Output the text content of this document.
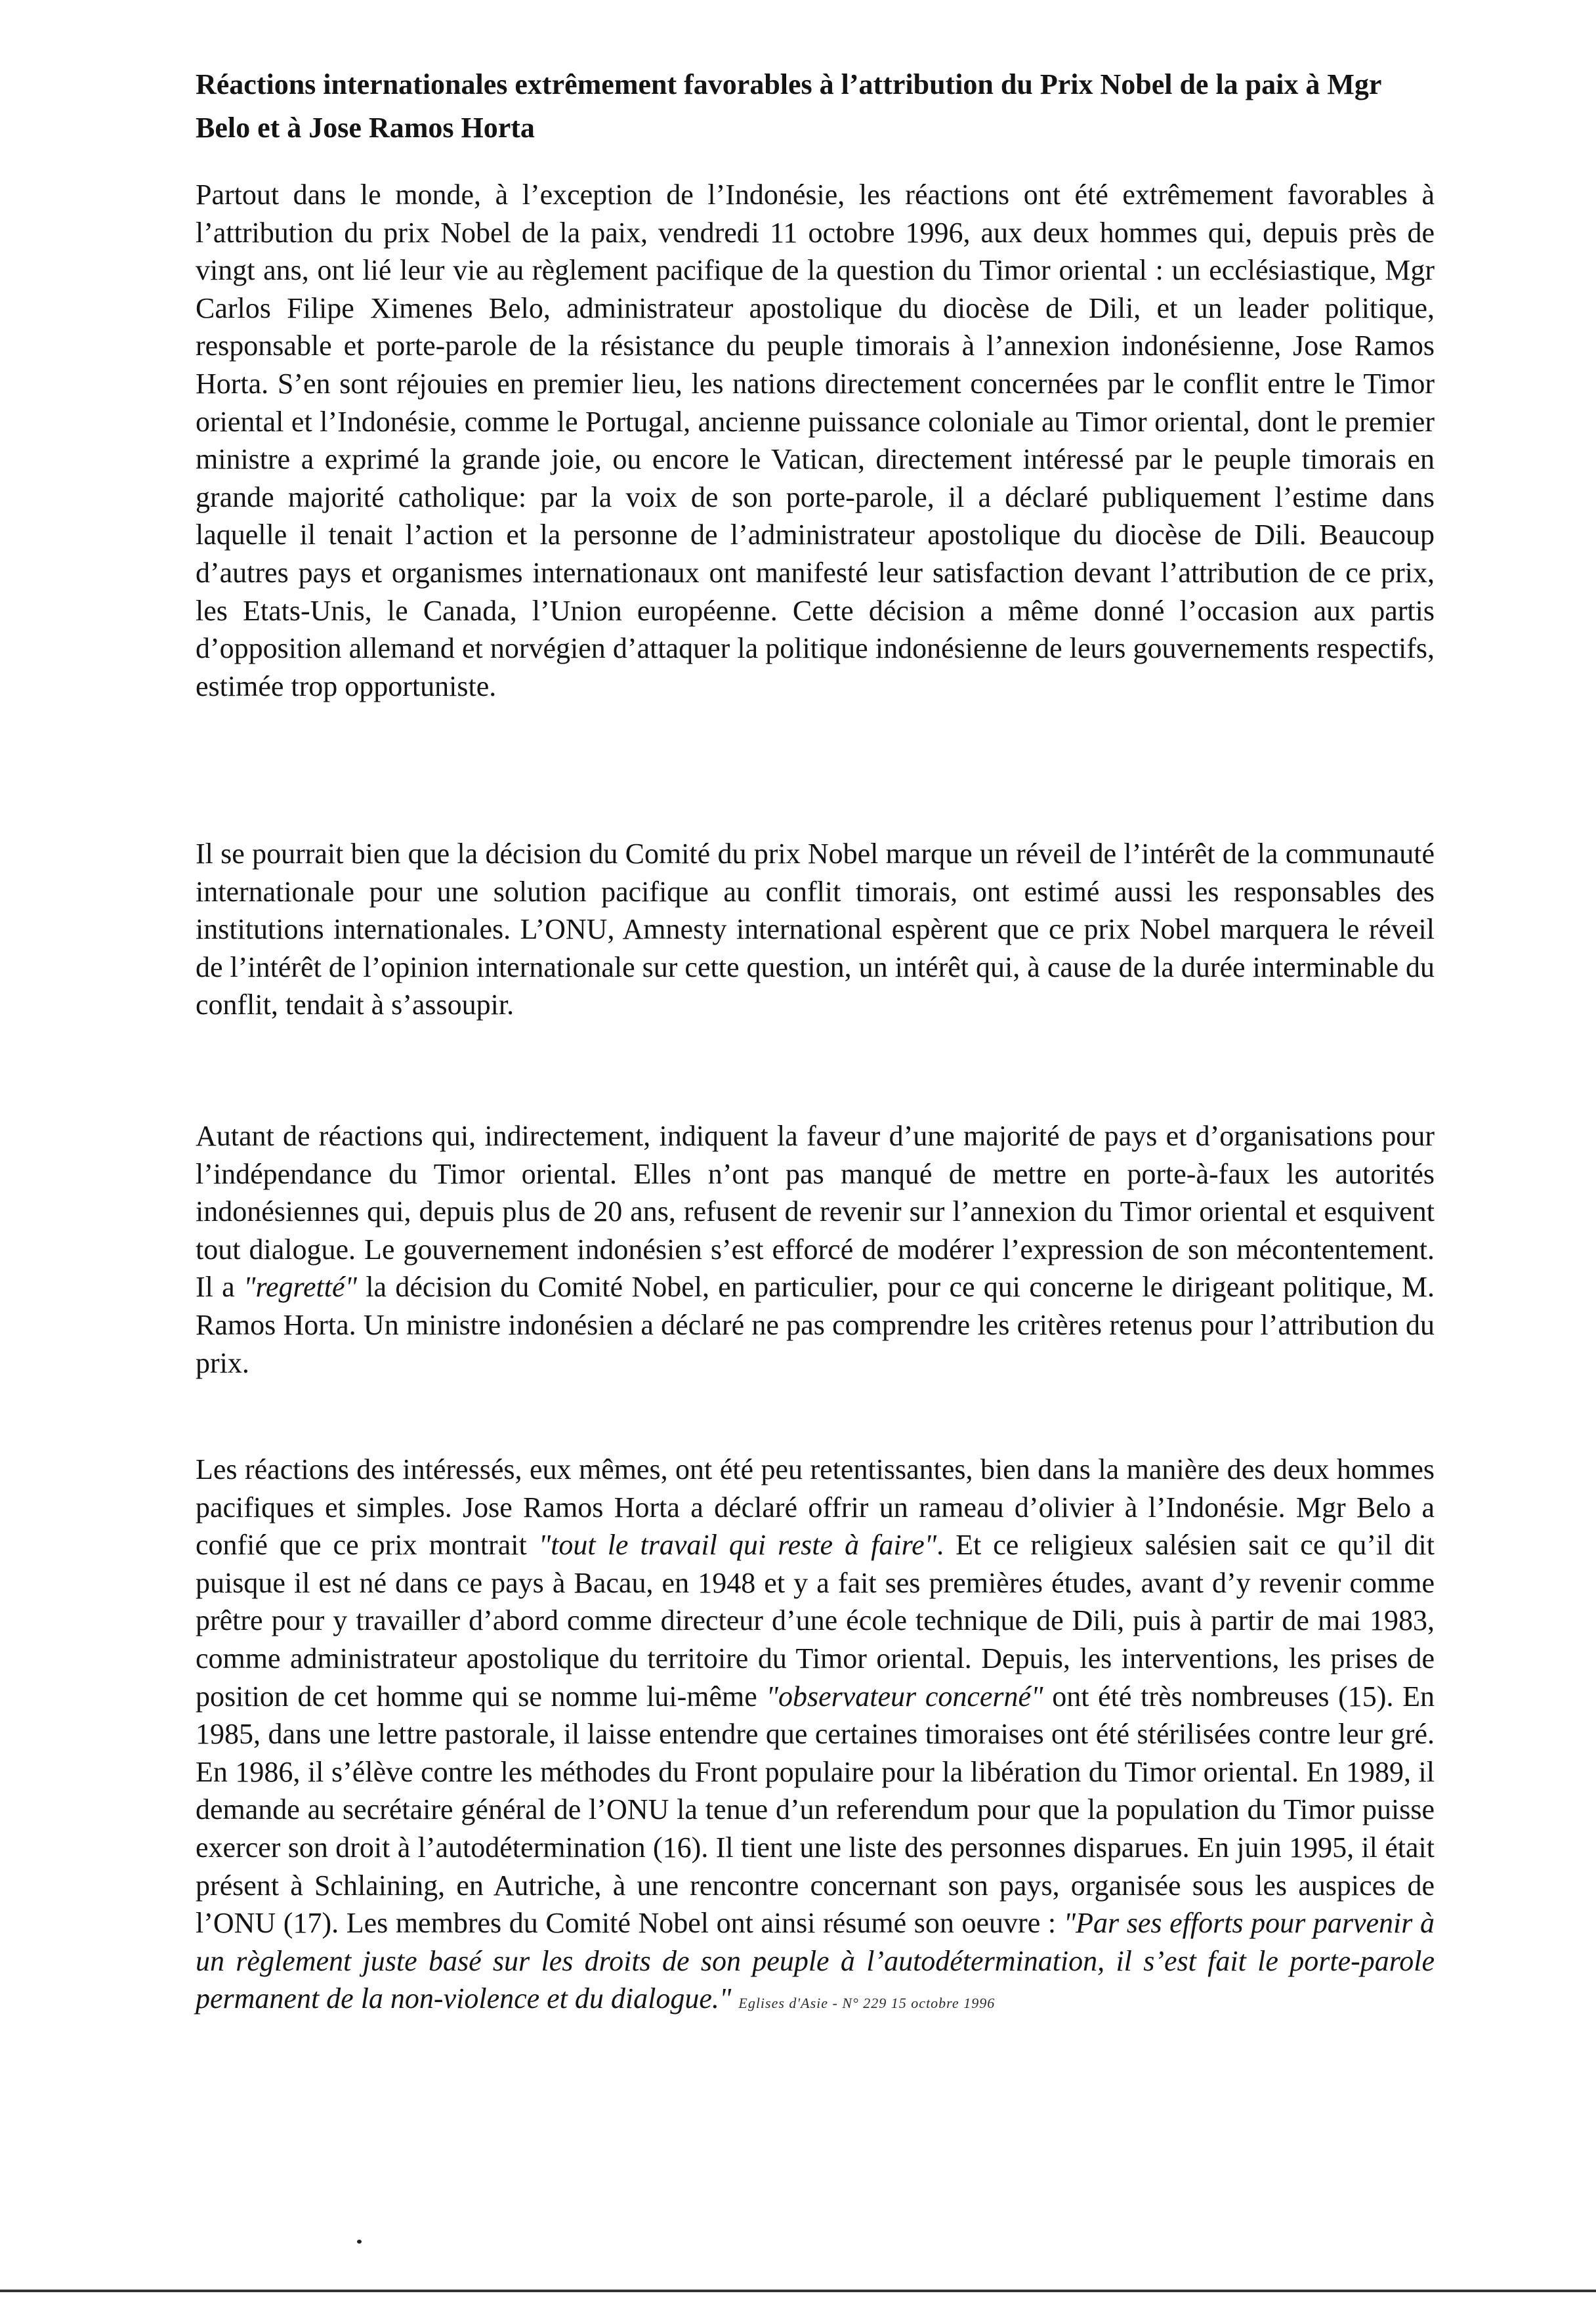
Réactions internationales extrêmement favorables à l’attribution du Prix Nobel de la paix à Mgr Belo et à Jose Ramos Horta

Partout dans le monde, à l’exception de l’Indonésie, les réactions ont été extrêmement favorables à l’attribution du prix Nobel de la paix, vendredi 11 octobre 1996, aux deux hommes qui, depuis près de vingt ans, ont lié leur vie au règlement pacifique de la question du Timor oriental : un ecclésiastique, Mgr Carlos Filipe Ximenes Belo, administrateur apostolique du diocèse de Dili, et un leader politique, responsable et porte-parole de la résistance du peuple timorais à l’annexion indonésienne, Jose Ramos Horta. S’en sont réjouies en premier lieu, les nations directement concernées par le conflit entre le Timor oriental et l’Indonésie, comme le Portugal, ancienne puissance coloniale au Timor oriental, dont le premier ministre a exprimé la grande joie, ou encore le Vatican, directement intéressé par le peuple timorais en grande majorité catholique: par la voix de son porte-parole, il a déclaré publiquement l’estime dans laquelle il tenait l’action et la personne de l’administrateur apostolique du diocèse de Dili. Beaucoup d’autres pays et organismes internationaux ont manifesté leur satisfaction devant l’attribution de ce prix, les Etats-Unis, le Canada, l’Union européenne. Cette décision a même donné l’occasion aux partis d’opposition allemand et norvégien d’attaquer la politique indonésienne de leurs gouvernements respectifs, estimée trop opportuniste.

Il se pourrait bien que la décision du Comité du prix Nobel marque un réveil de l’intérêt de la communauté internationale pour une solution pacifique au conflit timorais, ont estimé aussi les responsables des institutions internationales. L’ONU, Amnesty international espèrent que ce prix Nobel marquera le réveil de l’intérêt de l’opinion internationale sur cette question, un intérêt qui, à cause de la durée interminable du conflit, tendait à s’assoupir.

Autant de réactions qui, indirectement, indiquent la faveur d’une majorité de pays et d’organisations pour l’indépendance du Timor oriental. Elles n’ont pas manqué de mettre en porte-à-faux les autorités indonésiennes qui, depuis plus de 20 ans, refusent de revenir sur l’annexion du Timor oriental et esquivent tout dialogue. Le gouvernement indonésien s’est efforcé de modérer l’expression de son mécontentement. Il a "regretté" la décision du Comité Nobel, en particulier, pour ce qui concerne le dirigeant politique, M. Ramos Horta. Un ministre indonésien a déclaré ne pas comprendre les critères retenus pour l’attribution du prix.

Les réactions des intéressés, eux mêmes, ont été peu retentissantes, bien dans la manière des deux hommes pacifiques et simples. Jose Ramos Horta a déclaré offrir un rameau d’olivier à l’Indonésie. Mgr Belo a confié que ce prix montrait "tout le travail qui reste à faire". Et ce religieux salésien sait ce qu’il dit puisque il est né dans ce pays à Bacau, en 1948 et y a fait ses premières études, avant d’y revenir comme prêtre pour y travailler d’abord comme directeur d’une école technique de Dili, puis à partir de mai 1983, comme administrateur apostolique du territoire du Timor oriental. Depuis, les interventions, les prises de position de cet homme qui se nomme lui-même "observateur concerné" ont été très nombreuses (15). En 1985, dans une lettre pastorale, il laisse entendre que certaines timoraises ont été stérilisées contre leur gré. En 1986, il s’élève contre les méthodes du Front populaire pour la libération du Timor oriental. En 1989, il demande au secrétaire général de l’ONU la tenue d’un referendum pour que la population du Timor puisse exercer son droit à l’autodétermination (16). Il tient une liste des personnes disparues. En juin 1995, il était présent à Schlaining, en Autriche, à une rencontre concernant son pays, organisée sous les auspices de l’ONU (17). Les membres du Comité Nobel ont ainsi résumé son oeuvre : "Par ses efforts pour parvenir à un règlement juste basé sur les droits de son peuple à l’autodétermination, il s’est fait le porte-parole permanent de la non-violence et du dialogue." Eglises d'Asie - N° 229 15 octobre 1996
